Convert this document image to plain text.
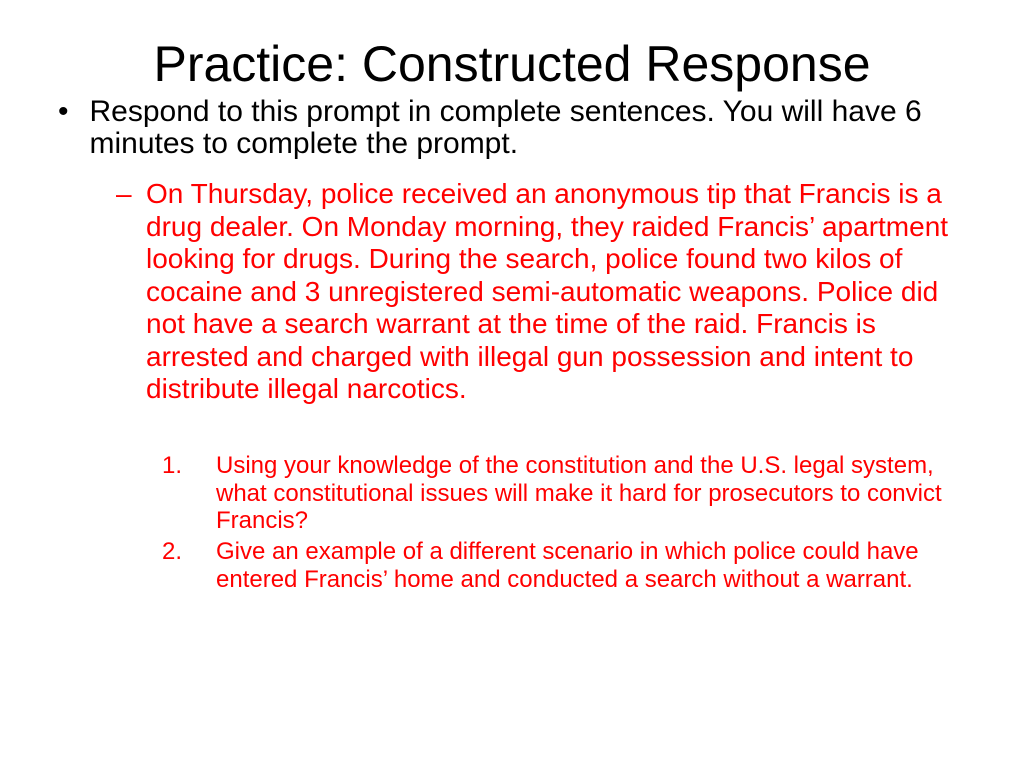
Practice: Constructed Response
• Respond to this prompt in complete sentences. You will have 6 minutes to complete the prompt.
– On Thursday, police received an anonymous tip that Francis is a drug dealer. On Monday morning, they raided Francis’ apartment looking for drugs. During the search, police found two kilos of cocaine and 3 unregistered semi-automatic weapons. Police did not have a search warrant at the time of the raid. Francis is arrested and charged with illegal gun possession and intent to distribute illegal narcotics.
1.	Using your knowledge of the constitution and the U.S. legal system, what constitutional issues will make it hard for prosecutors to convict Francis?
2.	Give an example of a different scenario in which police could have entered Francis’ home and conducted a search without a warrant.
